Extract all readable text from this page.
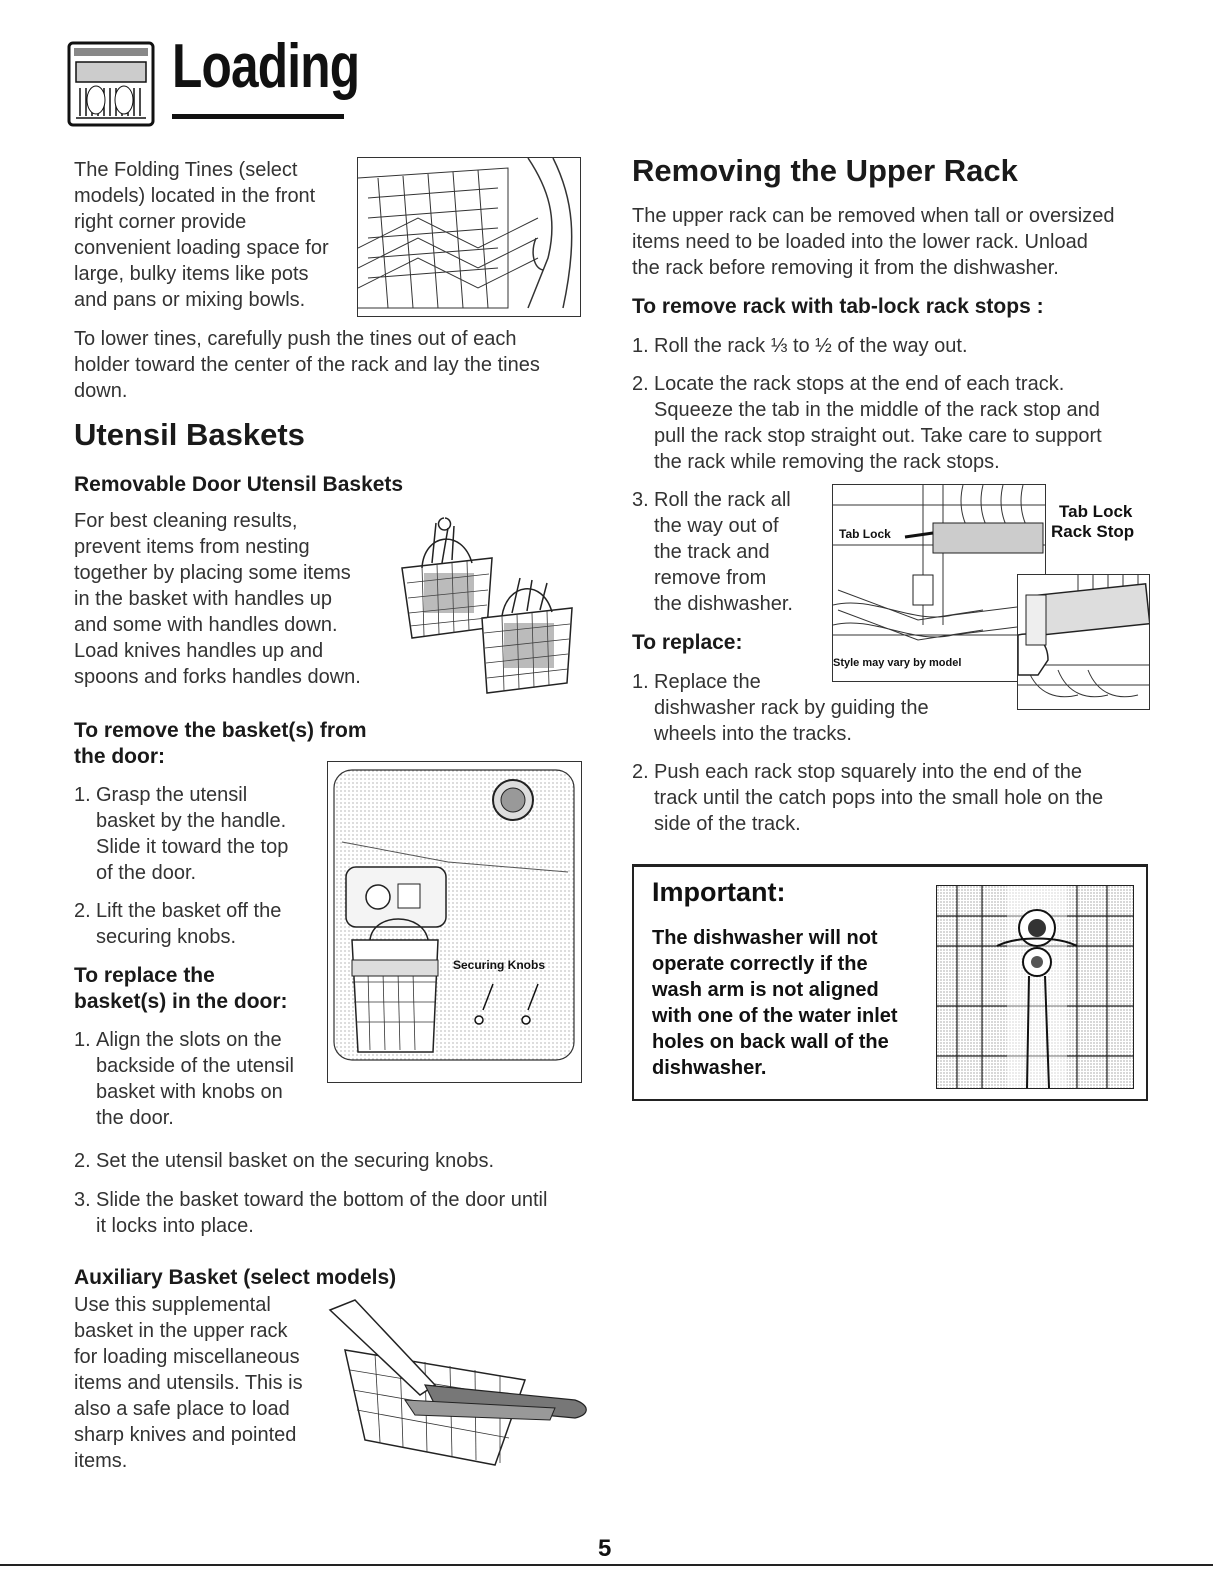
Loading
The Folding Tines (select
models) located in the front
right corner provide
convenient loading space for
large, bulky items like pots
and pans or mixing bowls.
To lower tines, carefully push the tines out of each
holder toward the center of the rack and lay the tines
down.
Utensil Baskets
Removable Door Utensil Baskets
For best cleaning results,
prevent items from nesting
together by placing some items
in the basket with handles up
and some with handles down.
Load knives handles up and
spoons and forks handles down.
To remove the basket(s) from
the door:
1. Grasp the utensil
basket by the handle.
Slide it toward the top
of the door.
2. Lift the basket off the
securing knobs.
To replace the
basket(s) in the door:
1. Align the slots on the
backside of the utensil
basket with knobs on
the door.
Securing Knobs
2. Set the utensil basket on the securing knobs.
3. Slide the basket toward the bottom of the door until
it locks into place.
Auxiliary Basket (select models)
Use this supplemental
basket in the upper rack
for loading miscellaneous
items and utensils. This is
also a safe place to load
sharp knives and pointed
items.
Removing the Upper Rack
The upper rack can be removed when tall or oversized
items need to be loaded into the lower rack. Unload
the rack before removing it from the dishwasher.
To remove rack with tab-lock rack stops :
1. Roll the rack ⅓ to ½ of the way out.
2. Locate the rack stops at the end of each track.
Squeeze the tab in the middle of the rack stop and
pull the rack stop straight out. Take care to support
the rack while removing the rack stops.
3. Roll the rack all
the way out of
the track and
remove from
the dishwasher.
To replace:
1. Replace the
dishwasher rack by guiding the
wheels into the tracks.
2. Push each rack stop squarely into the end of the
track until the catch pops into the small hole on the
side of the track.
Tab Lock
Style may vary by model
Tab Lock
Rack Stop
Important:
The dishwasher will not
operate correctly if the
wash arm is not aligned
with one of the water inlet
holes on back wall of the
dishwasher.
5
